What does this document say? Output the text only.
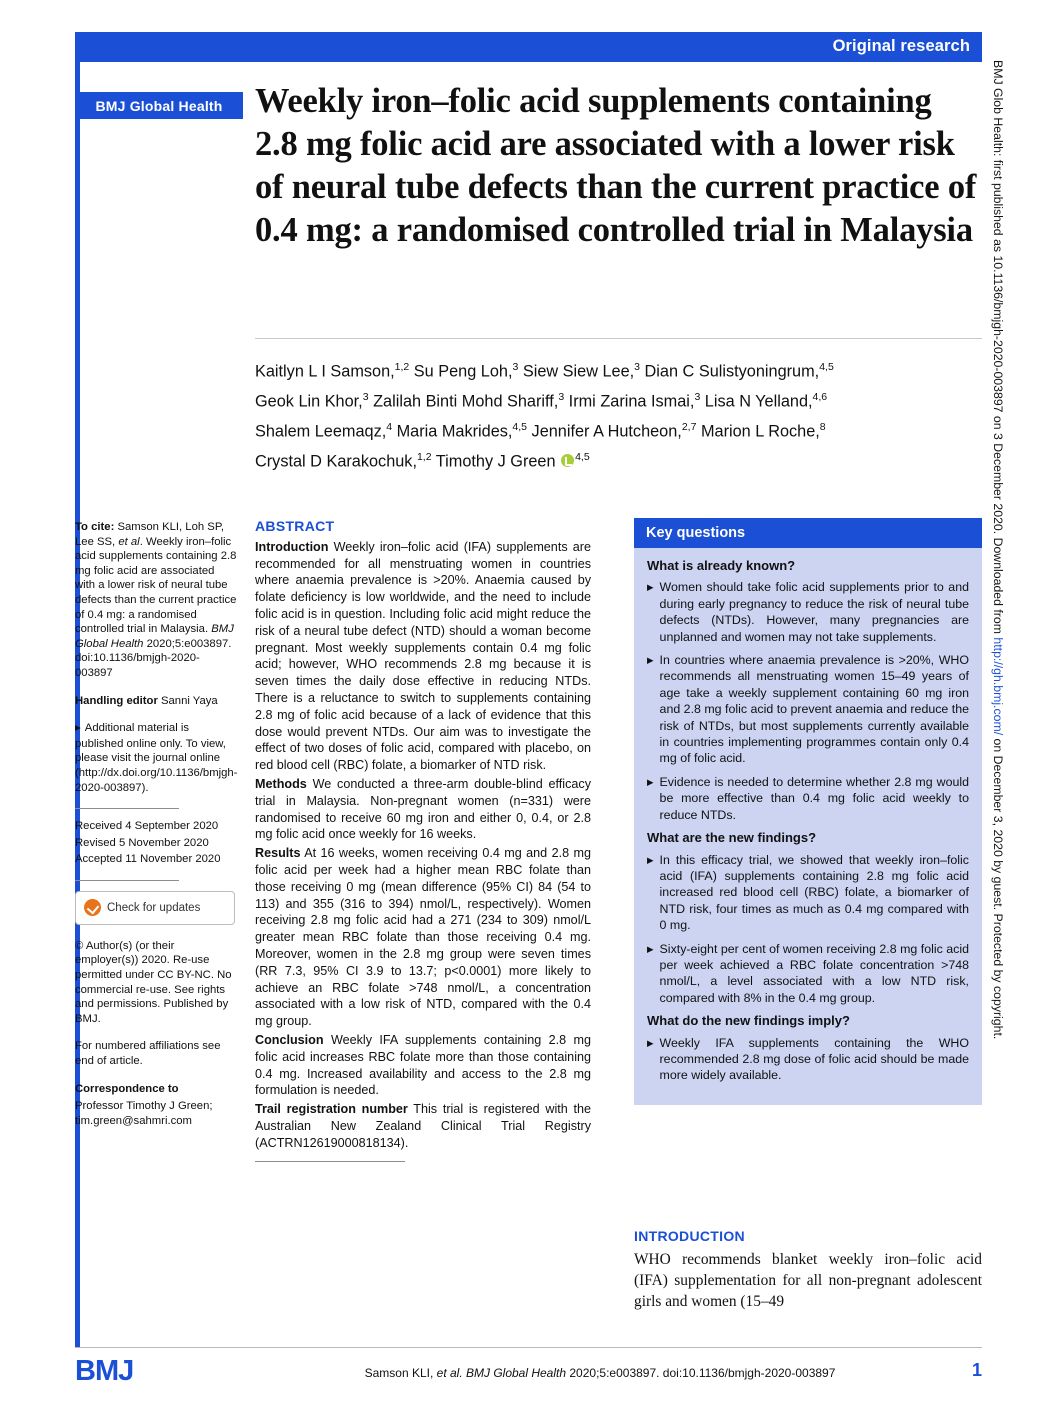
Original research
BMJ Global Health Weekly iron–folic acid supplements containing 2.8 mg folic acid are associated with a lower risk of neural tube defects than the current practice of 0.4 mg: a randomised controlled trial in Malaysia
Kaitlyn L I Samson,$^{1,2}$ Su Peng Loh,$^3$ Siew Siew Lee,$^3$ Dian C Sulistyoningrum,$^{4,5}$
Geok Lin Khor,$^3$ Zalilah Binti Mohd Shariff,$^3$ Irmi Zarina Ismai,$^3$ Lisa N Yelland,$^{4,6}$
Shalem Leemaqz,$^4$ Maria Makrides,$^{4,5}$ Jennifer A Hutcheon,$^{2,7}$ Marion L Roche,$^8$
Crystal D Karakochuk,$^{1,2}$ Timothy J Green $^{4,5}$

To cite: Samson KLI, Loh SP, Lee SS, et al. Weekly iron–folic acid supplements containing 2.8 mg folic acid are associated with a lower risk of neural tube defects than the current practice of 0.4 mg: a randomised controlled trial in Malaysia. BMJ Global Health 2020;5:e003897. doi:10.1136/bmjgh-2020-003897

Handling editor Sanni Yaya

▶ Additional material is published online only. To view, please visit the journal online (http://dx.doi.org/10.1136/bmjgh-2020-003897).

Received 4 September 2020

Revised 5 November 2020

Accepted 11 November 2020

Check for updates

© Author(s) (or their employer(s)) 2020. Re-use permitted under CC BY-NC. No commercial re-use. See rights and permissions. Published by BMJ.

For numbered affiliations see end of article.

Correspondence to

Professor Timothy J Green; tim.green@sahmri.com

ABSTRACT

Introduction Weekly iron–folic acid (IFA) supplements are recommended for all menstruating women in countries where anaemia prevalence is >20%. Anaemia caused by folate deficiency is low worldwide, and the need to include folic acid is in question. Including folic acid might reduce the risk of a neural tube defect (NTD) should a woman become pregnant. Most weekly supplements contain 0.4 mg folic acid; however, WHO recommends 2.8 mg because it is seven times the daily dose effective in reducing NTDs. There is a reluctance to switch to supplements containing 2.8 mg of folic acid because of a lack of evidence that this dose would prevent NTDs. Our aim was to investigate the effect of two doses of folic acid, compared with placebo, on red blood cell (RBC) folate, a biomarker of NTD risk.

Methods We conducted a three-arm double-blind efficacy trial in Malaysia. Non-pregnant women (n=331) were randomised to receive 60 mg iron and either 0, 0.4, or 2.8 mg folic acid once weekly for 16 weeks.

Results At 16 weeks, women receiving 0.4 mg and 2.8 mg folic acid per week had a higher mean RBC folate than those receiving 0 mg (mean difference (95% CI) 84 (54 to 113) and 355 (316 to 394) nmol/L, respectively). Women receiving 2.8 mg folic acid had a 271 (234 to 309) nmol/L greater mean RBC folate than those receiving 0.4 mg. Moreover, women in the 2.8 mg group were seven times (RR 7.3, 95% CI 3.9 to 13.7; p<0.0001) more likely to achieve an RBC folate >748 nmol/L, a concentration associated with a low risk of NTD, compared with the 0.4 mg group.

Conclusion Weekly IFA supplements containing 2.8 mg folic acid increases RBC folate more than those containing 0.4 mg. Increased availability and access to the 2.8 mg formulation is needed.

Trail registration number This trial is registered with the Australian New Zealand Clinical Trial Registry (ACTRN12619000818134).

Key questions
What is already known?
▶ Women should take folic acid supplements prior to and during early pregnancy to reduce the risk of neural tube defects (NTDs). However, many pregnancies are unplanned and women may not take supplements.
▶ In countries where anaemia prevalence is >20%, WHO recommends all menstruating women 15–49 years of age take a weekly supplement containing 60 mg iron and 2.8 mg folic acid to prevent anaemia and reduce the risk of NTDs, but most supplements currently available in countries implementing programmes contain only 0.4 mg of folic acid.
▶ Evidence is needed to determine whether 2.8 mg would be more effective than 0.4 mg folic acid weekly to reduce NTDs.
What are the new findings?
▶ In this efficacy trial, we showed that weekly iron–folic acid (IFA) supplements containing 2.8 mg folic acid increased red blood cell (RBC) folate, a biomarker of NTD risk, four times as much as 0.4 mg compared with 0 mg.
▶ Sixty-eight per cent of women receiving 2.8 mg folic acid per week achieved a RBC folate concentration >748 nmol/L, a level associated with a low NTD risk, compared with 8% in the 0.4 mg group.
What do the new findings imply?
▶ Weekly IFA supplements containing the WHO recommended 2.8 mg dose of folic acid should be made more widely available.
INTRODUCTION
WHO recommends blanket weekly iron–folic acid (IFA) supplementation for all non-pregnant adolescent girls and women (15–49
BMJ Glob Health: first published as 10.1136/bmjgh-2020-003897 on 3 December 2020. Downloaded from http://gh.bmj.com/ on December 3, 2020 by guest. Protected by copyright.
BMJ	Samson KLI, et al. BMJ Global Health 2020;5:e003897. doi:10.1136/bmjgh-2020-003897	1
